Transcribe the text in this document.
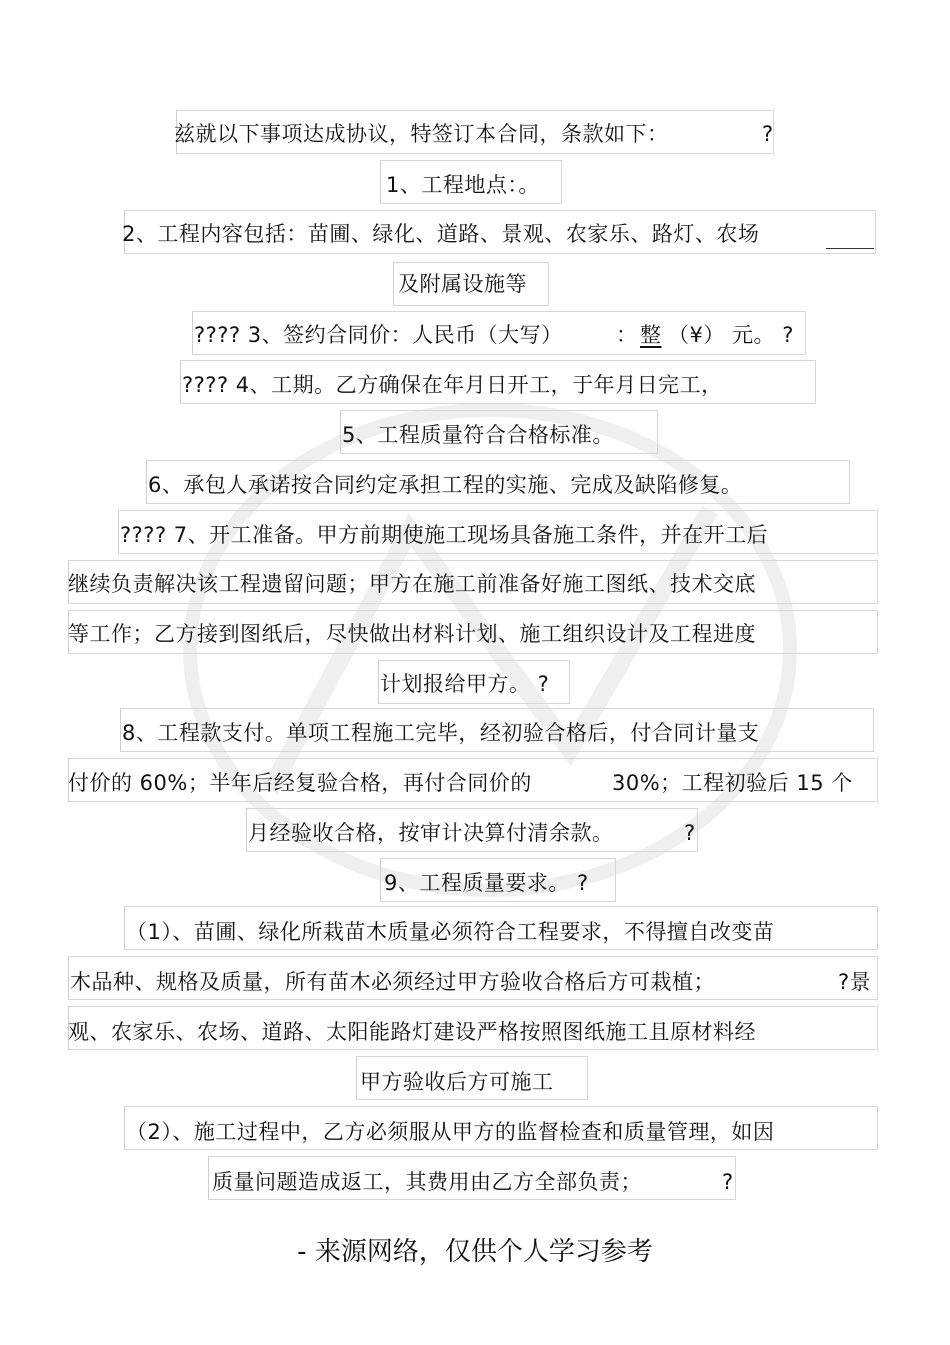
兹就以下事项达成协议，特签订本合同，条款如下：	?
1、工程地点：。
2、工程内容包括：苗圃、绿化、道路、景观、农家乐、路灯、农场
及附属设施等
???? 3、签约合同价：人民币（大写）	： 整 （¥） 元。 ?
???? 4、工期。乙方确保在年月日开工，于年月日完工，
5、工程质量符合合格标准。
6、承包人承诺按合同约定承担工程的实施、完成及缺陷修复。
???? 7、开工准备。甲方前期使施工现场具备施工条件，并在开工后
继续负责解决该工程遗留问题；甲方在施工前准备好施工图纸、技术交底
等工作；乙方接到图纸后，尽快做出材料计划、施工组织设计及工程进度
计划报给甲方。 ?
8、工程款支付。单项工程施工完毕，经初验合格后，付合同计量支
付价的 60%；半年后经复验合格，再付合同价的	30%；工程初验后 15 个
月经验收合格，按审计决算付清余款。	?
9、工程质量要求。 ?
（1）、苗圃、绿化所栽苗木质量必须符合工程要求，不得擅自改变苗
木品种、规格及质量，所有苗木必须经过甲方验收合格后方可栽植；	?景
观、农家乐、农场、道路、太阳能路灯建设严格按照图纸施工且原材料经
甲方验收后方可施工
（2）、施工过程中，乙方必须服从甲方的监督检查和质量管理，如因
质量问题造成返工，其费用由乙方全部负责；	?
- 来源网络，仅供个人学习参考
